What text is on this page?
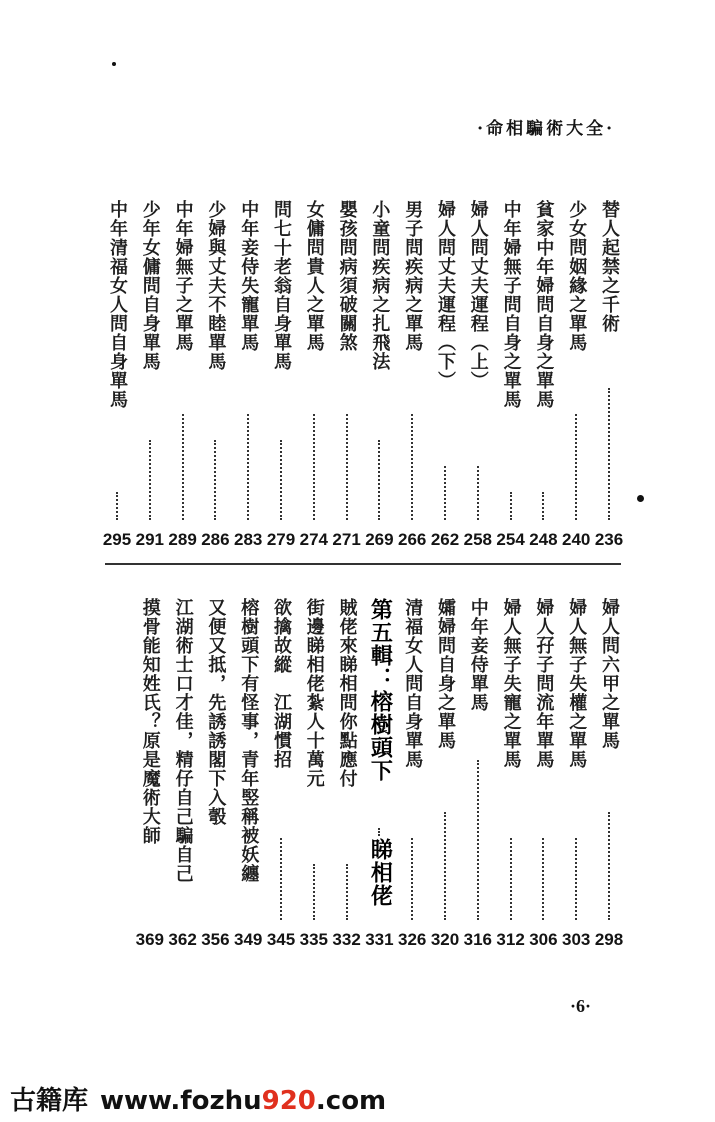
·命相騙術大全·
替人起禁之千術
236
少女問姻緣之單馬
240
貧家中年婦問自身之單馬
248
中年婦無子問自身之單馬
254
婦人問丈夫運程（上）
258
婦人問丈夫運程（下）
262
男子問疾病之單馬
266
小童問疾病之扎飛法
269
嬰孩問病須破關煞
271
女傭問貴人之單馬
274
問七十老翁自身單馬
279
中年妾侍失寵單馬
283
少婦與丈夫不睦單馬
286
中年婦無子之單馬
289
少年女傭問自身單馬
291
中年清福女人問自身單馬
295
婦人問六甲之單馬
298
婦人無子失權之單馬
303
婦人孖子問流年單馬
306
婦人無子失寵之單馬
312
中年妾侍單馬
316
孀婦問自身之單馬
320
清福女人問自身單馬
326
第五輯：榕樹頭下
睇相佬
331
賊佬來睇相問你點應付
332
街邊睇相佬紮人十萬元
335
欲擒故縱　江湖慣招
345
榕樹頭下有怪事，青年竪稱被妖纏
349
又便又抵，先誘誘閣下入彀
356
江湖術士口才佳，精仔自己騙自己
362
摸骨能知姓氏？原是魔術大師
369
·6·
古籍库 www.fozhu920.com
